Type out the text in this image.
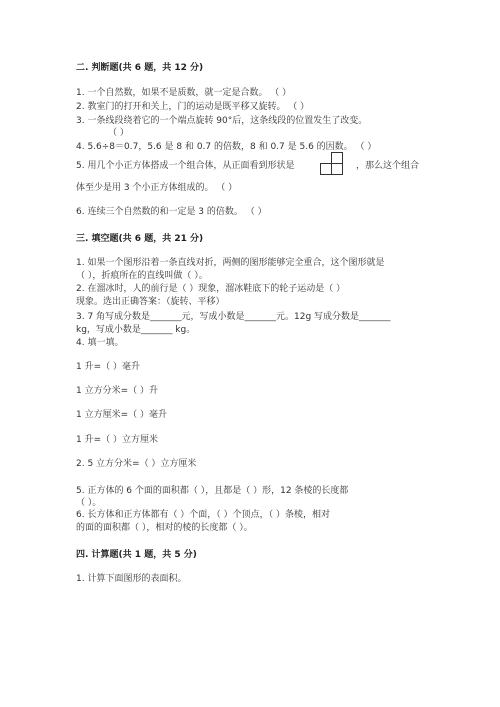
二. 判断题(共 6 题，共 12 分)
1. 一个自然数，如果不是质数，就一定是合数。 （ ）
2. 教室门的打开和关上，门的运动是既平移又旋转。 （ ）
3. 一条线段绕着它的一个端点旋转 90°后，这条线段的位置发生了改变。
（ ）
4. 5.6÷8＝0.7，5.6 是 8 和 0.7 的倍数，8 和 0.7 是 5.6 的因数。 （ ）
5. 用几个小正方体搭成一个组合体，从正面看到形状是	，那么这个组合
体至少是用 3 个小正方体组成的。 （ ）
6. 连续三个自然数的和一定是 3 的倍数。 （ ）
三. 填空题(共 6 题，共 21 分)
1. 如果一个图形沿着一条直线对折，两侧的图形能够完全重合，这个图形就是
（ ），折痕所在的直线叫做（ ）。
2. 在溜冰时，人的前行是（ ）现象，溜冰鞋底下的轮子运动是（ ）
现象。选出正确答案：（旋转、平移）
3. 7 角写成分数是_______元，写成小数是_______元。12g 写成分数是_______
kg，写成小数是_______ kg。
4. 填一填。
1 升=（ ）毫升
1 立方分米=（ ）升
1 立方厘米=（ ）毫升
1 升=（ ）立方厘米
2. 5 立方分米=（ ）立方厘米
5. 正方体的 6 个面的面积都（ ），且都是（ ）形，12 条棱的长度都
（ ）。
6. 长方体和正方体都有（ ）个面，（ ）个顶点，（ ）条棱，相对
的面的面积都（ ），相对的棱的长度都（ ）。
四. 计算题(共 1 题，共 5 分)
1. 计算下面图形的表面积。
